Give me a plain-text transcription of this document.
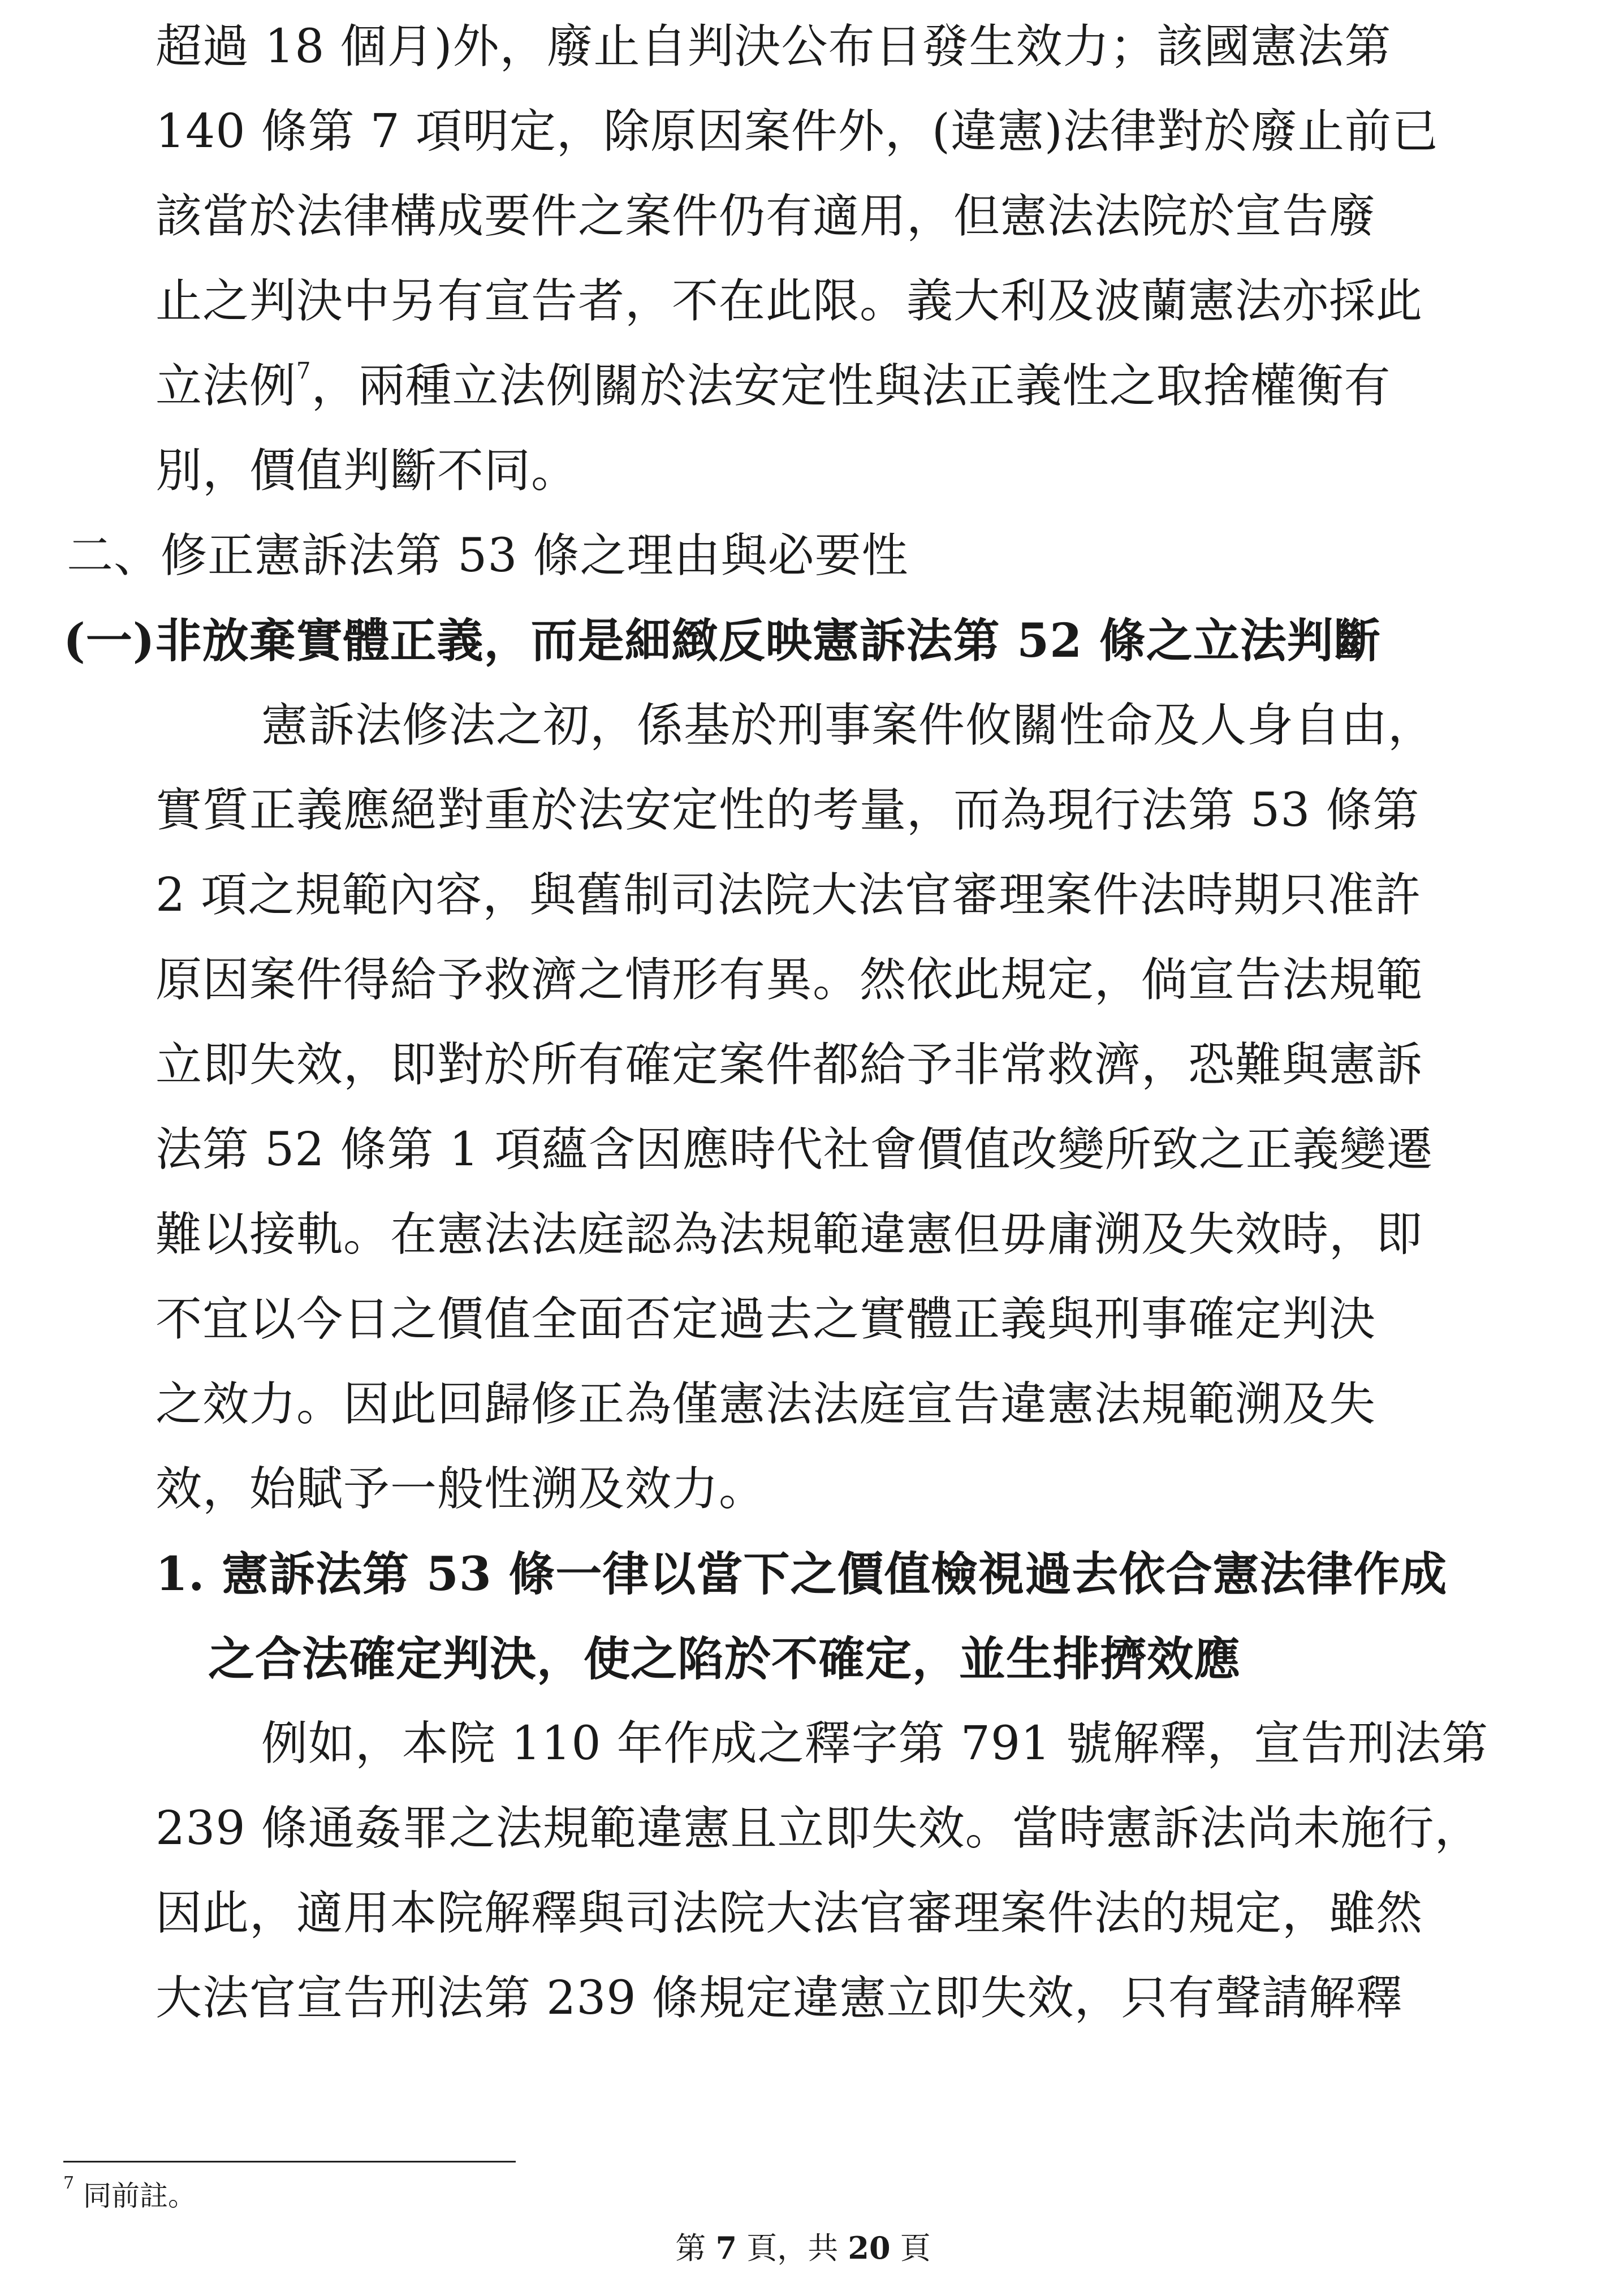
超過 18 個月)外，廢止自判決公布日發生效力；該國憲法第
140 條第 7 項明定，除原因案件外，(違憲)法律對於廢止前已
該當於法律構成要件之案件仍有適用，但憲法法院於宣告廢
止之判決中另有宣告者，不在此限。義大利及波蘭憲法亦採此
立法例$^7$，兩種立法例關於法安定性與法正義性之取捨權衡有
別，價值判斷不同。
二、修正憲訴法第 53 條之理由與必要性
(一)非放棄實體正義，而是細緻反映憲訴法第 52 條之立法判斷
憲訴法修法之初，係基於刑事案件攸關性命及人身自由，
實質正義應絕對重於法安定性的考量，而為現行法第 53 條第
2 項之規範內容，與舊制司法院大法官審理案件法時期只准許
原因案件得給予救濟之情形有異。然依此規定，倘宣告法規範
立即失效，即對於所有確定案件都給予非常救濟，恐難與憲訴
法第 52 條第 1 項蘊含因應時代社會價值改變所致之正義變遷
難以接軌。在憲法法庭認為法規範違憲但毋庸溯及失效時，即
不宜以今日之價值全面否定過去之實體正義與刑事確定判決
之效力。因此回歸修正為僅憲法法庭宣告違憲法規範溯及失
效，始賦予一般性溯及效力。
1. 憲訴法第 53 條一律以當下之價值檢視過去依合憲法律作成
之合法確定判決，使之陷於不確定，並生排擠效應
例如，本院 110 年作成之釋字第 791 號解釋，宣告刑法第
239 條通姦罪之法規範違憲且立即失效。當時憲訴法尚未施行，
因此，適用本院解釋與司法院大法官審理案件法的規定，雖然
大法官宣告刑法第 239 條規定違憲立即失效，只有聲請解釋
$^7$ 同前註。
第 7 頁，共 20 頁
